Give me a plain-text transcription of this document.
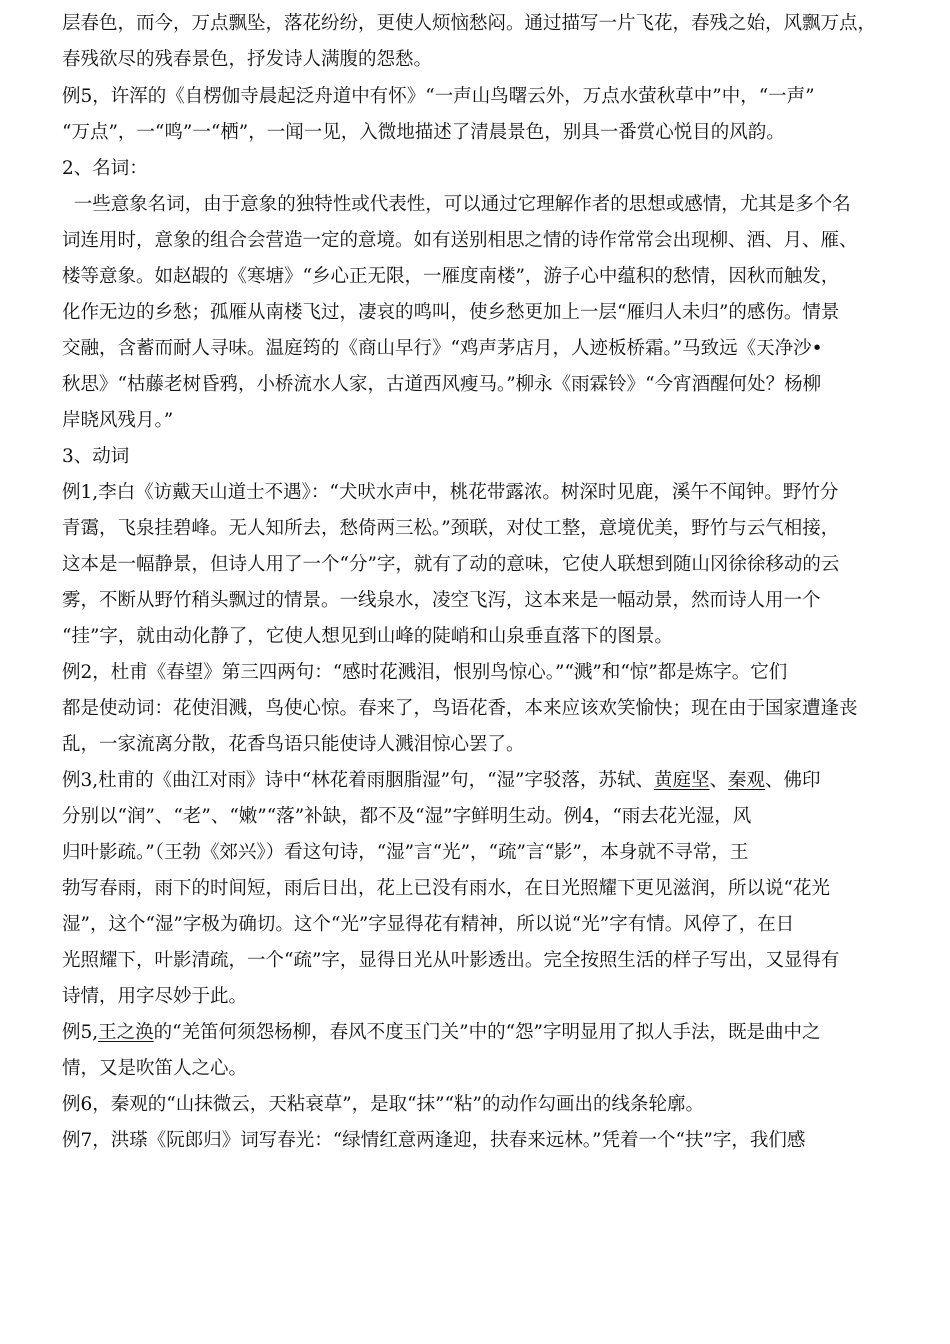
层春色，而今，万点飘坠，落花纷纷，更使人烦恼愁闷。通过描写一片飞花，春残之始，风飘万点，
春残欲尽的残春景色，抒发诗人满腹的怨愁。
例5，许浑的《自楞伽寺晨起泛舟道中有怀》“一声山鸟曙云外，万点水萤秋草中”中，“一声”
“万点”，一“鸣”一“栖”，一闻一见，入微地描述了清晨景色，别具一番赏心悦目的风韵。
2、名词：
一些意象名词，由于意象的独特性或代表性，可以通过它理解作者的思想或感情，尤其是多个名
词连用时，意象的组合会营造一定的意境。如有送别相思之情的诗作常常会出现柳、酒、月、雁、
楼等意象。如赵嘏的《寒塘》“乡心正无限，一雁度南楼”，游子心中蕴积的愁情，因秋而触发，
化作无边的乡愁；孤雁从南楼飞过，凄哀的鸣叫，使乡愁更加上一层“雁归人未归”的感伤。情景
交融，含蓄而耐人寻味。温庭筠的《商山早行》“鸡声茅店月，人迹板桥霜。”马致远《天净沙•
秋思》“枯藤老树昏鸦，小桥流水人家，古道西风瘦马。”柳永《雨霖铃》“今宵酒醒何处？杨柳
岸晓风残月。”
3、动词
例1,李白《访戴天山道士不遇》：“犬吠水声中，桃花带露浓。树深时见鹿，溪午不闻钟。野竹分
青霭，飞泉挂碧峰。无人知所去，愁倚两三松。”颈联，对仗工整，意境优美，野竹与云气相接，
这本是一幅静景，但诗人用了一个“分”字，就有了动的意味，它使人联想到随山冈徐徐移动的云
雾，不断从野竹稍头飘过的情景。一线泉水，凌空飞泻，这本来是一幅动景，然而诗人用一个
“挂”字，就由动化静了，它使人想见到山峰的陡峭和山泉垂直落下的图景。
例2，杜甫《春望》第三四两句：“感时花溅泪，恨别鸟惊心。”“溅”和“惊”都是炼字。它们
都是使动词：花使泪溅，鸟使心惊。春来了，鸟语花香，本来应该欢笑愉快；现在由于国家遭逢丧
乱，一家流离分散，花香鸟语只能使诗人溅泪惊心罢了。
例3,杜甫的《曲江对雨》诗中“林花着雨胭脂湿”句，“湿”字驳落，苏轼、黄庭坚、秦观、佛印
分别以“润”、“老”、“嫩”“落”补缺，都不及“湿”字鲜明生动。例4，“雨去花光湿，风
归叶影疏。”（王勃《郊兴》）看这句诗，“湿”言“光”，“疏”言“影”，本身就不寻常，王
勃写春雨，雨下的时间短，雨后日出，花上已没有雨水，在日光照耀下更见滋润，所以说“花光
湿”，这个“湿”字极为确切。这个“光”字显得花有精神，所以说“光”字有情。风停了，在日
光照耀下，叶影清疏，一个“疏”字，显得日光从叶影透出。完全按照生活的样子写出，又显得有
诗情，用字尽妙于此。
例5,王之涣的“羌笛何须怨杨柳，春风不度玉门关”中的“怨”字明显用了拟人手法，既是曲中之
情，又是吹笛人之心。
例6，秦观的“山抹微云，天粘衰草”，是取“抹”“粘”的动作勾画出的线条轮廓。
例7，洪瑹《阮郎归》词写春光：“绿情红意两逢迎，扶春来远林。”凭着一个“扶”字，我们感
